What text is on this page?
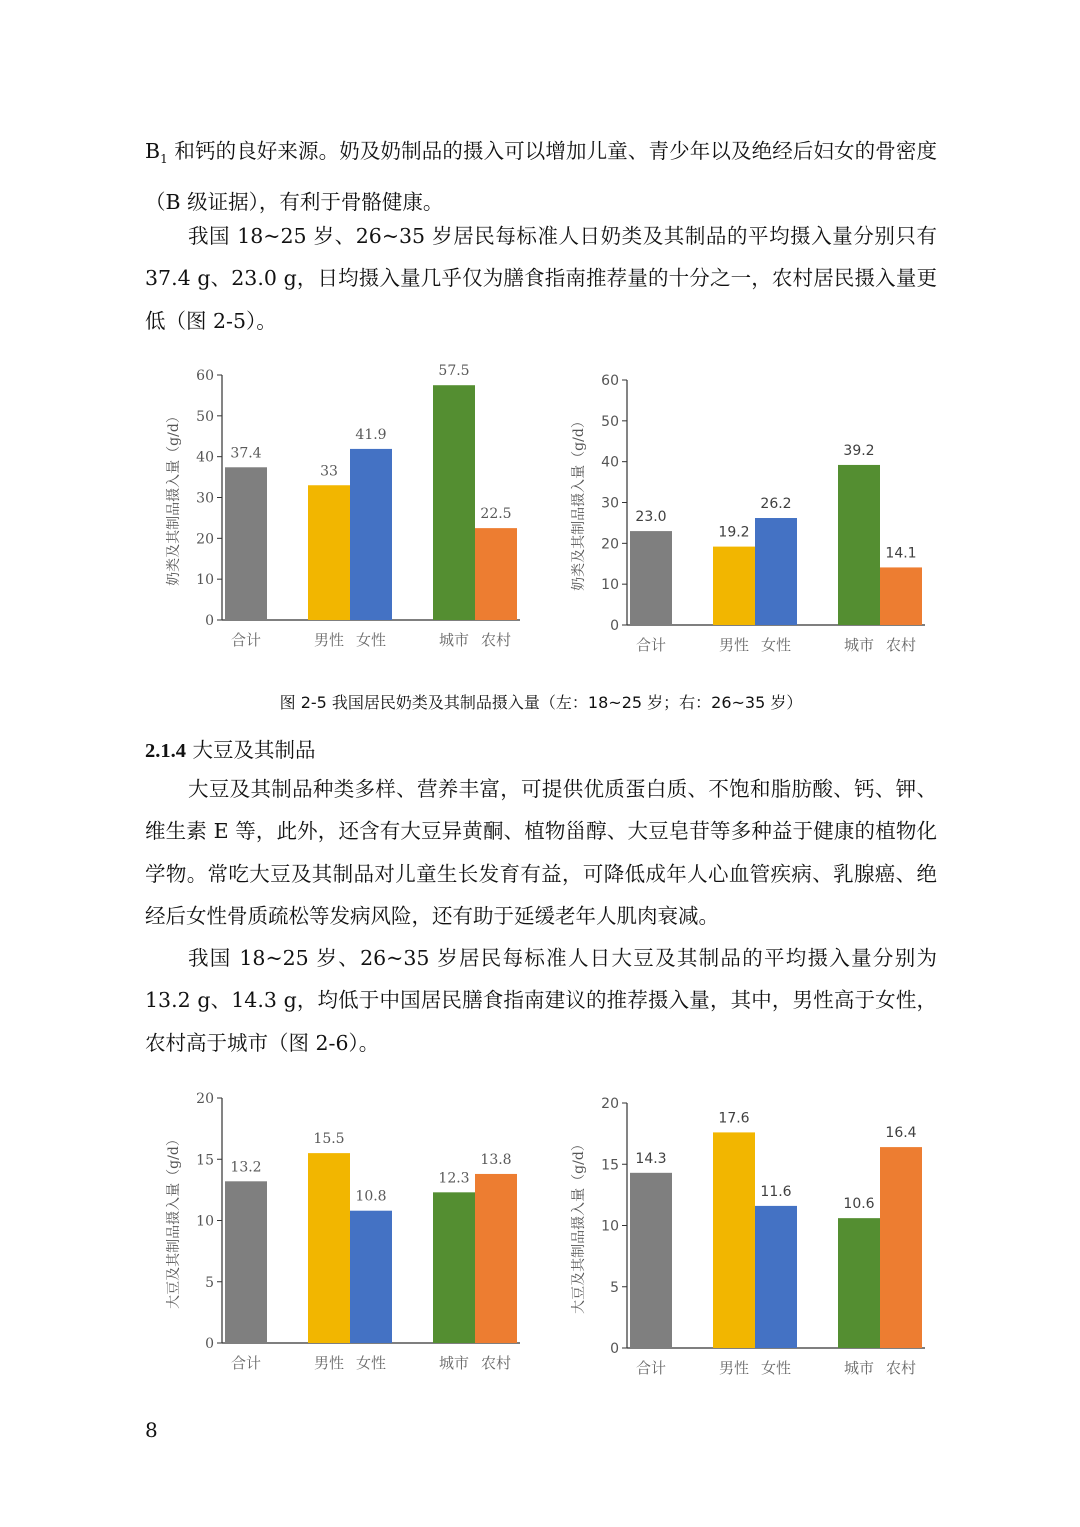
$B_1$ 和钙的良好来源。奶及奶制品的摄入可以增加儿童、青少年以及绝经后妇女的骨密度（B 级证据），有利于骨骼健康。

我国 18~25 岁、26~35 岁居民每标准人日奶类及其制品的平均摄入量分别只有 37.4 g、23.0 g，日均摄入量几乎仅为膳食指南推荐量的十分之一，农村居民摄入量更低（图 2-5）。

奶类及其制品摄入量（g/d）
0
10
20
30
40
50
60
37.4
33
41.9
57.5
22.5
合计	男性 女性	城市 农村
奶类及其制品摄入量（g/d）
0
10
20
30
40
50
60
23.0
19.2
26.2
39.2
14.1
合计	男性 女性	城市 农村
图 2-5 我国居民奶类及其制品摄入量（左：18~25 岁；右：26~35 岁）
2.1.4 大豆及其制品

大豆及其制品种类多样、营养丰富，可提供优质蛋白质、不饱和脂肪酸、钙、钾、维生素 E 等，此外，还含有大豆异黄酮、植物甾醇、大豆皂苷等多种益于健康的植物化学物。常吃大豆及其制品对儿童生长发育有益，可降低成年人心血管疾病、乳腺癌、绝经后女性骨质疏松等发病风险，还有助于延缓老年人肌肉衰减。

我国 18~25 岁、26~35 岁居民每标准人日大豆及其制品的平均摄入量分别为 13.2 g、14.3 g，均低于中国居民膳食指南建议的推荐摄入量，其中，男性高于女性，农村高于城市（图 2-6）。

大豆及其制品摄入量（g/d）
0
5
10
15
20
13.2
15.5
10.8
12.3
13.8
合计	男性 女性	城市 农村
大豆及其制品摄入量（g/d）
0
5
10
15
20
14.3
17.6
11.6
10.6
16.4
合计	男性 女性	城市 农村
8
